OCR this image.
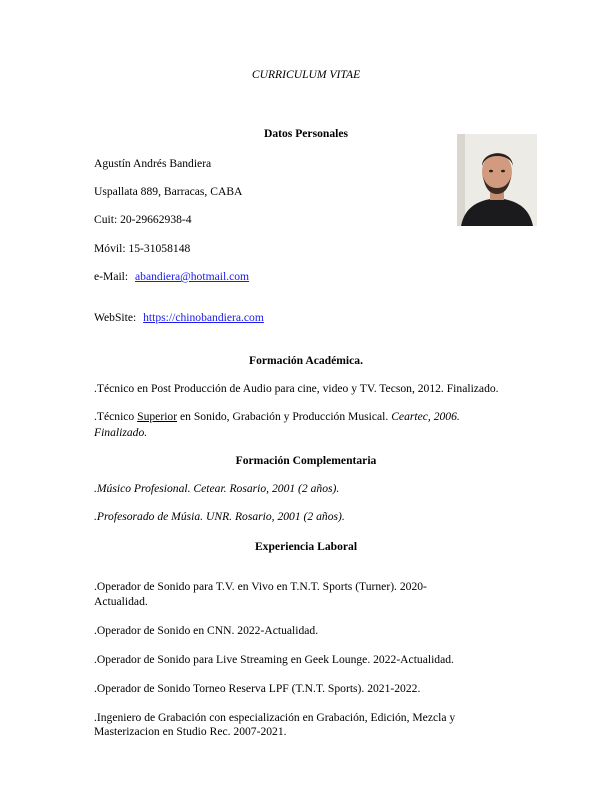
CURRICULUM VITAE
Datos Personales
Agustín Andrés Bandiera
Uspallata 889, Barracas, CABA
Cuit: 20-29662938-4
Móvil: 15-31058148
e-Mail: abandiera@hotmail.com
WebSite: https://chinobandiera.com
Formación Académica.
.Técnico en Post Producción de Audio para cine, video y TV. Tecson, 2012. Finalizado.
.Técnico Superior en Sonido, Grabación y Producción Musical. Ceartec, 2006.
Finalizado.
Formación Complementaria
.Músico Profesional. Cetear. Rosario, 2001 (2 años).
.Profesorado de Músia. UNR. Rosario, 2001 (2 años).
Experiencia Laboral
.Operador de Sonido para T.V. en Vivo en T.N.T. Sports (Turner). 2020-
Actualidad.
.Operador de Sonido en CNN. 2022-Actualidad.
.Operador de Sonido para Live Streaming en Geek Lounge. 2022-Actualidad.
.Operador de Sonido Torneo Reserva LPF (T.N.T. Sports). 2021-2022.
.Ingeniero de Grabación con especialización en Grabación, Edición, Mezcla y
Masterizacion en Studio Rec. 2007-2021.
